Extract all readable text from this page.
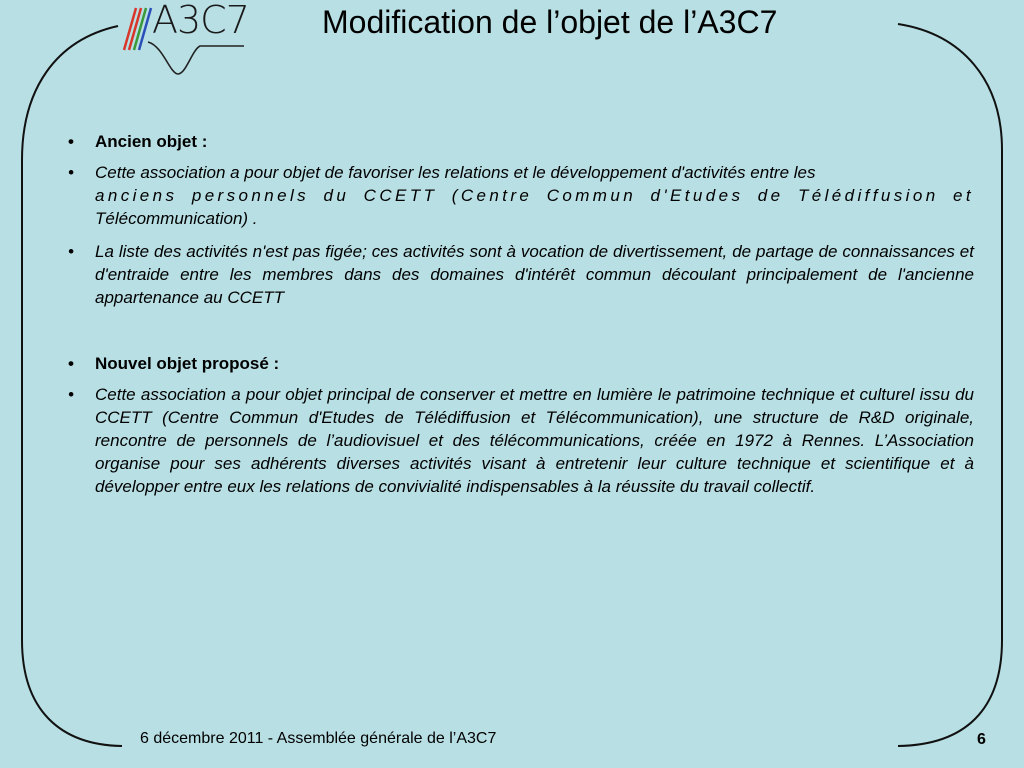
A3C7 Modification de l’objet de l’A3C7
• Ancien objet :
• Cette association a pour objet de favoriser les relations et le développement d'activités entre les
anciens personnels du CCETT (Centre Commun d'Etudes de Télédiffusion et
Télécommunication) .
• La liste des activités n'est pas figée; ces activités sont à vocation de divertissement, de partage de connaissances et d'entraide entre les membres dans des domaines d'intérêt commun découlant principalement de l'ancienne appartenance au CCETT
• Nouvel objet proposé :
• Cette association a pour objet principal de conserver et mettre en lumière le patrimoine technique et culturel issu du CCETT (Centre Commun d'Etudes de Télédiffusion et Télécommunication), une structure de R&D originale, rencontre de personnels de l’audiovisuel et des télécommunications, créée en 1972 à Rennes. L’Association organise pour ses adhérents diverses activités visant à entretenir leur culture technique et scientifique et à développer entre eux les relations de convivialité indispensables à la réussite du travail collectif.
6 décembre 2011 - Assemblée générale de l’A3C7	6
